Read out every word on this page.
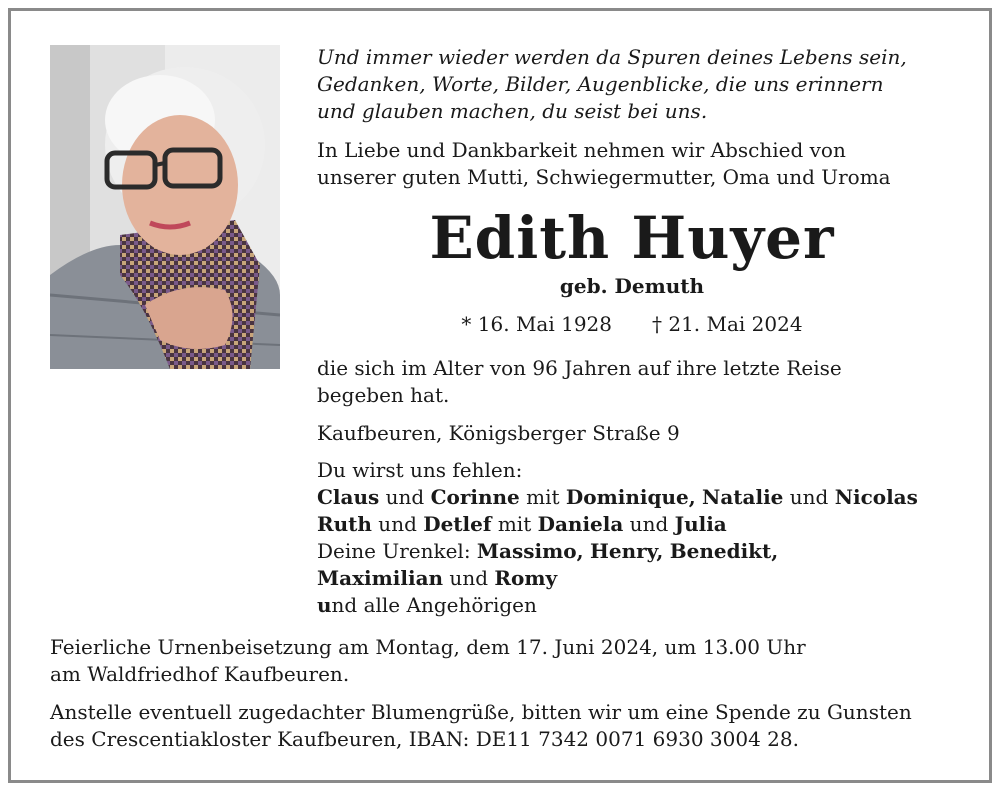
Und immer wieder werden da Spuren deines Lebens sein,
Gedanken, Worte, Bilder, Augenblicke, die uns erinnern
und glauben machen, du seist bei uns.
In Liebe und Dankbarkeit nehmen wir Abschied von
unserer guten Mutti, Schwiegermutter, Oma und Uroma
Edith Huyer
geb. Demuth
* 16. Mai 1928 † 21. Mai 2024
die sich im Alter von 96 Jahren auf ihre letzte Reise
begeben hat.
Kaufbeuren, Königsberger Straße 9
Du wirst uns fehlen:
Claus und Corinne mit Dominique, Natalie und Nicolas
Ruth und Detlef mit Daniela und Julia
Deine Urenkel: Massimo, Henry, Benedikt,
Maximilian und Romy
und alle Angehörigen
Feierliche Urnenbeisetzung am Montag, dem 17. Juni 2024, um 13.00 Uhr
am Waldfriedhof Kaufbeuren.
Anstelle eventuell zugedachter Blumengrüße, bitten wir um eine Spende zu Gunsten
des Crescentiakloster Kaufbeuren, IBAN: DE11 7342 0071 6930 3004 28.
